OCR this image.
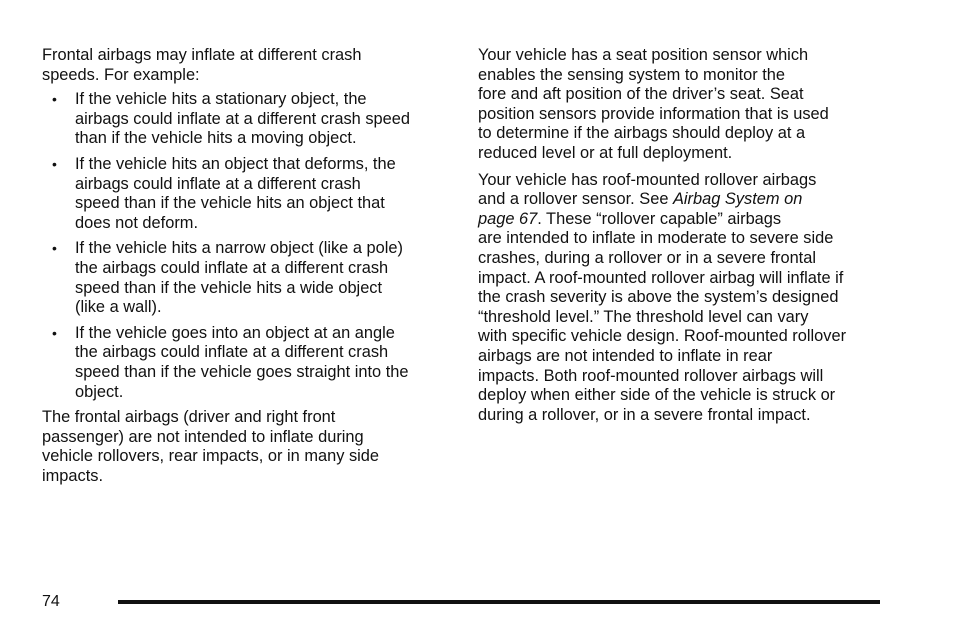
Frontal airbags may inflate at different crash
speeds. For example:

• If the vehicle hits a stationary object, the
airbags could inflate at a different crash speed
than if the vehicle hits a moving object.
• If the vehicle hits an object that deforms, the
airbags could inflate at a different crash
speed than if the vehicle hits an object that
does not deform.
• If the vehicle hits a narrow object (like a pole)
the airbags could inflate at a different crash
speed than if the vehicle hits a wide object
(like a wall).
• If the vehicle goes into an object at an angle
the airbags could inflate at a different crash
speed than if the vehicle goes straight into the
object.

The frontal airbags (driver and right front
passenger) are not intended to inflate during
vehicle rollovers, rear impacts, or in many side
impacts.

Your vehicle has a seat position sensor which
enables the sensing system to monitor the
fore and aft position of the driver’s seat. Seat
position sensors provide information that is used
to determine if the airbags should deploy at a
reduced level or at full deployment.

Your vehicle has roof-mounted rollover airbags
and a rollover sensor. See Airbag System on
page 67. These “rollover capable” airbags
are intended to inflate in moderate to severe side
crashes, during a rollover or in a severe frontal
impact. A roof-mounted rollover airbag will inflate if
the crash severity is above the system’s designed
“threshold level.” The threshold level can vary
with specific vehicle design. Roof-mounted rollover
airbags are not intended to inflate in rear
impacts. Both roof-mounted rollover airbags will
deploy when either side of the vehicle is struck or
during a rollover, or in a severe frontal impact.

74
